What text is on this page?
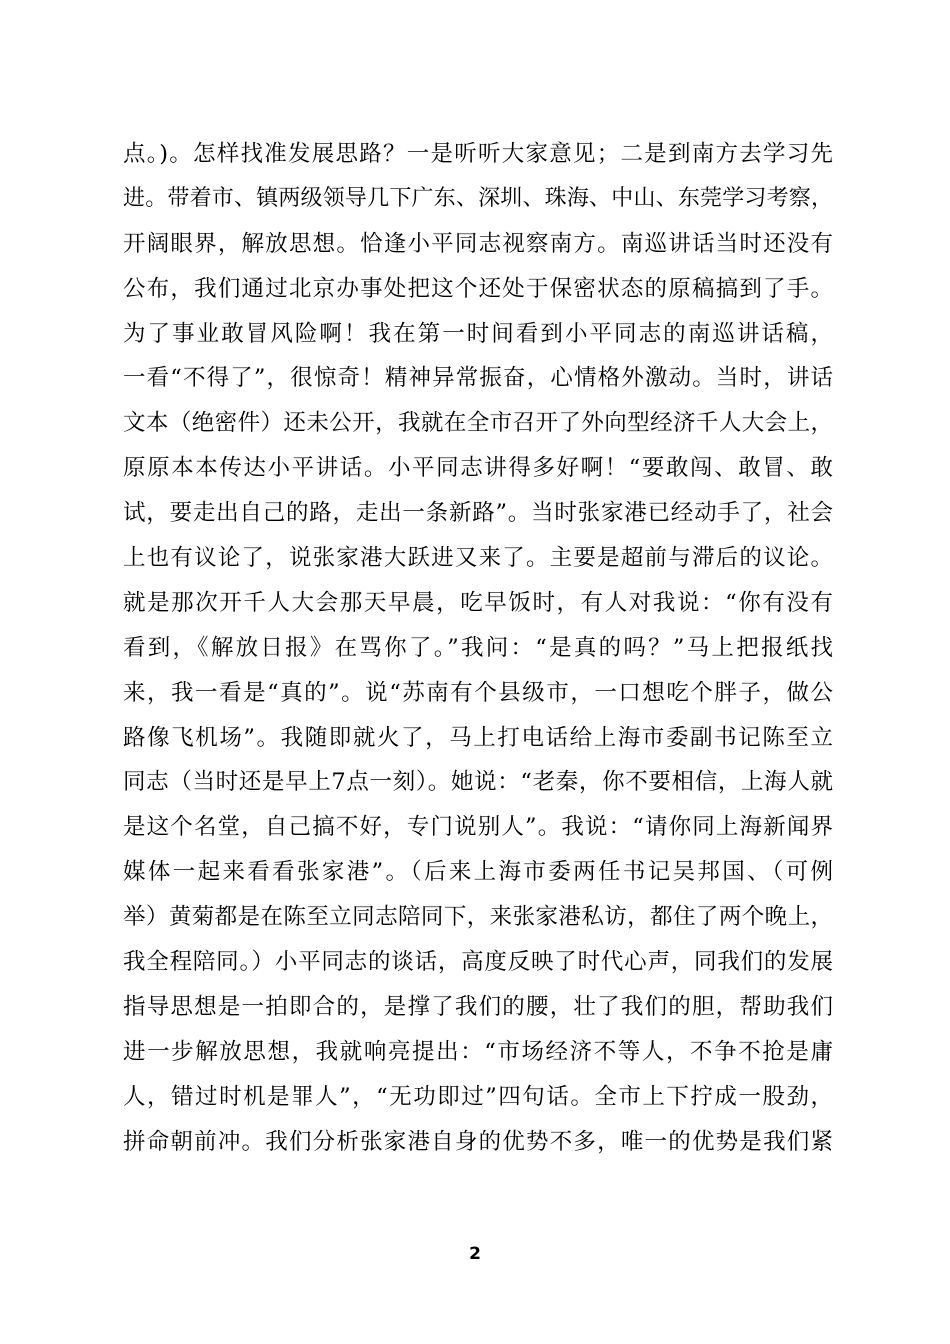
点。)。怎样找准发展思路？一是听听大家意见；二是到南方去学习先
进。带着市、镇两级领导几下广东、深圳、珠海、中山、东莞学习考察，
开阔眼界，解放思想。恰逢小平同志视察南方。南巡讲话当时还没有
公布，我们通过北京办事处把这个还处于保密状态的原稿搞到了手。
为了事业敢冒风险啊！我在第一时间看到小平同志的南巡讲话稿，
一看“不得了”，很惊奇！精神异常振奋，心情格外激动。当时，讲话
文本（绝密件）还未公开，我就在全市召开了外向型经济千人大会上，
原原本本传达小平讲话。小平同志讲得多好啊！“要敢闯、敢冒、敢
试，要走出自己的路，走出一条新路”。当时张家港已经动手了，社会
上也有议论了，说张家港大跃进又来了。主要是超前与滞后的议论。
就是那次开千人大会那天早晨，吃早饭时，有人对我说：“你有没有
看到，《解放日报》在骂你了。”我问：“是真的吗？”马上把报纸找
来，我一看是“真的”。说“苏南有个县级市，一口想吃个胖子，做公
路像飞机场”。我随即就火了，马上打电话给上海市委副书记陈至立
同志（当时还是早上7点一刻）。她说：“老秦，你不要相信，上海人就
是这个名堂，自己搞不好，专门说别人”。我说：“请你同上海新闻界
媒体一起来看看张家港”。（后来上海市委两任书记吴邦国、（可例
举）黄菊都是在陈至立同志陪同下，来张家港私访，都住了两个晚上，
我全程陪同。）小平同志的谈话，高度反映了时代心声，同我们的发展
指导思想是一拍即合的，是撑了我们的腰，壮了我们的胆，帮助我们
进一步解放思想，我就响亮提出：“市场经济不等人，不争不抢是庸
人，错过时机是罪人”，“无功即过”四句话。全市上下拧成一股劲，
拼命朝前冲。我们分析张家港自身的优势不多，唯一的优势是我们紧
2
